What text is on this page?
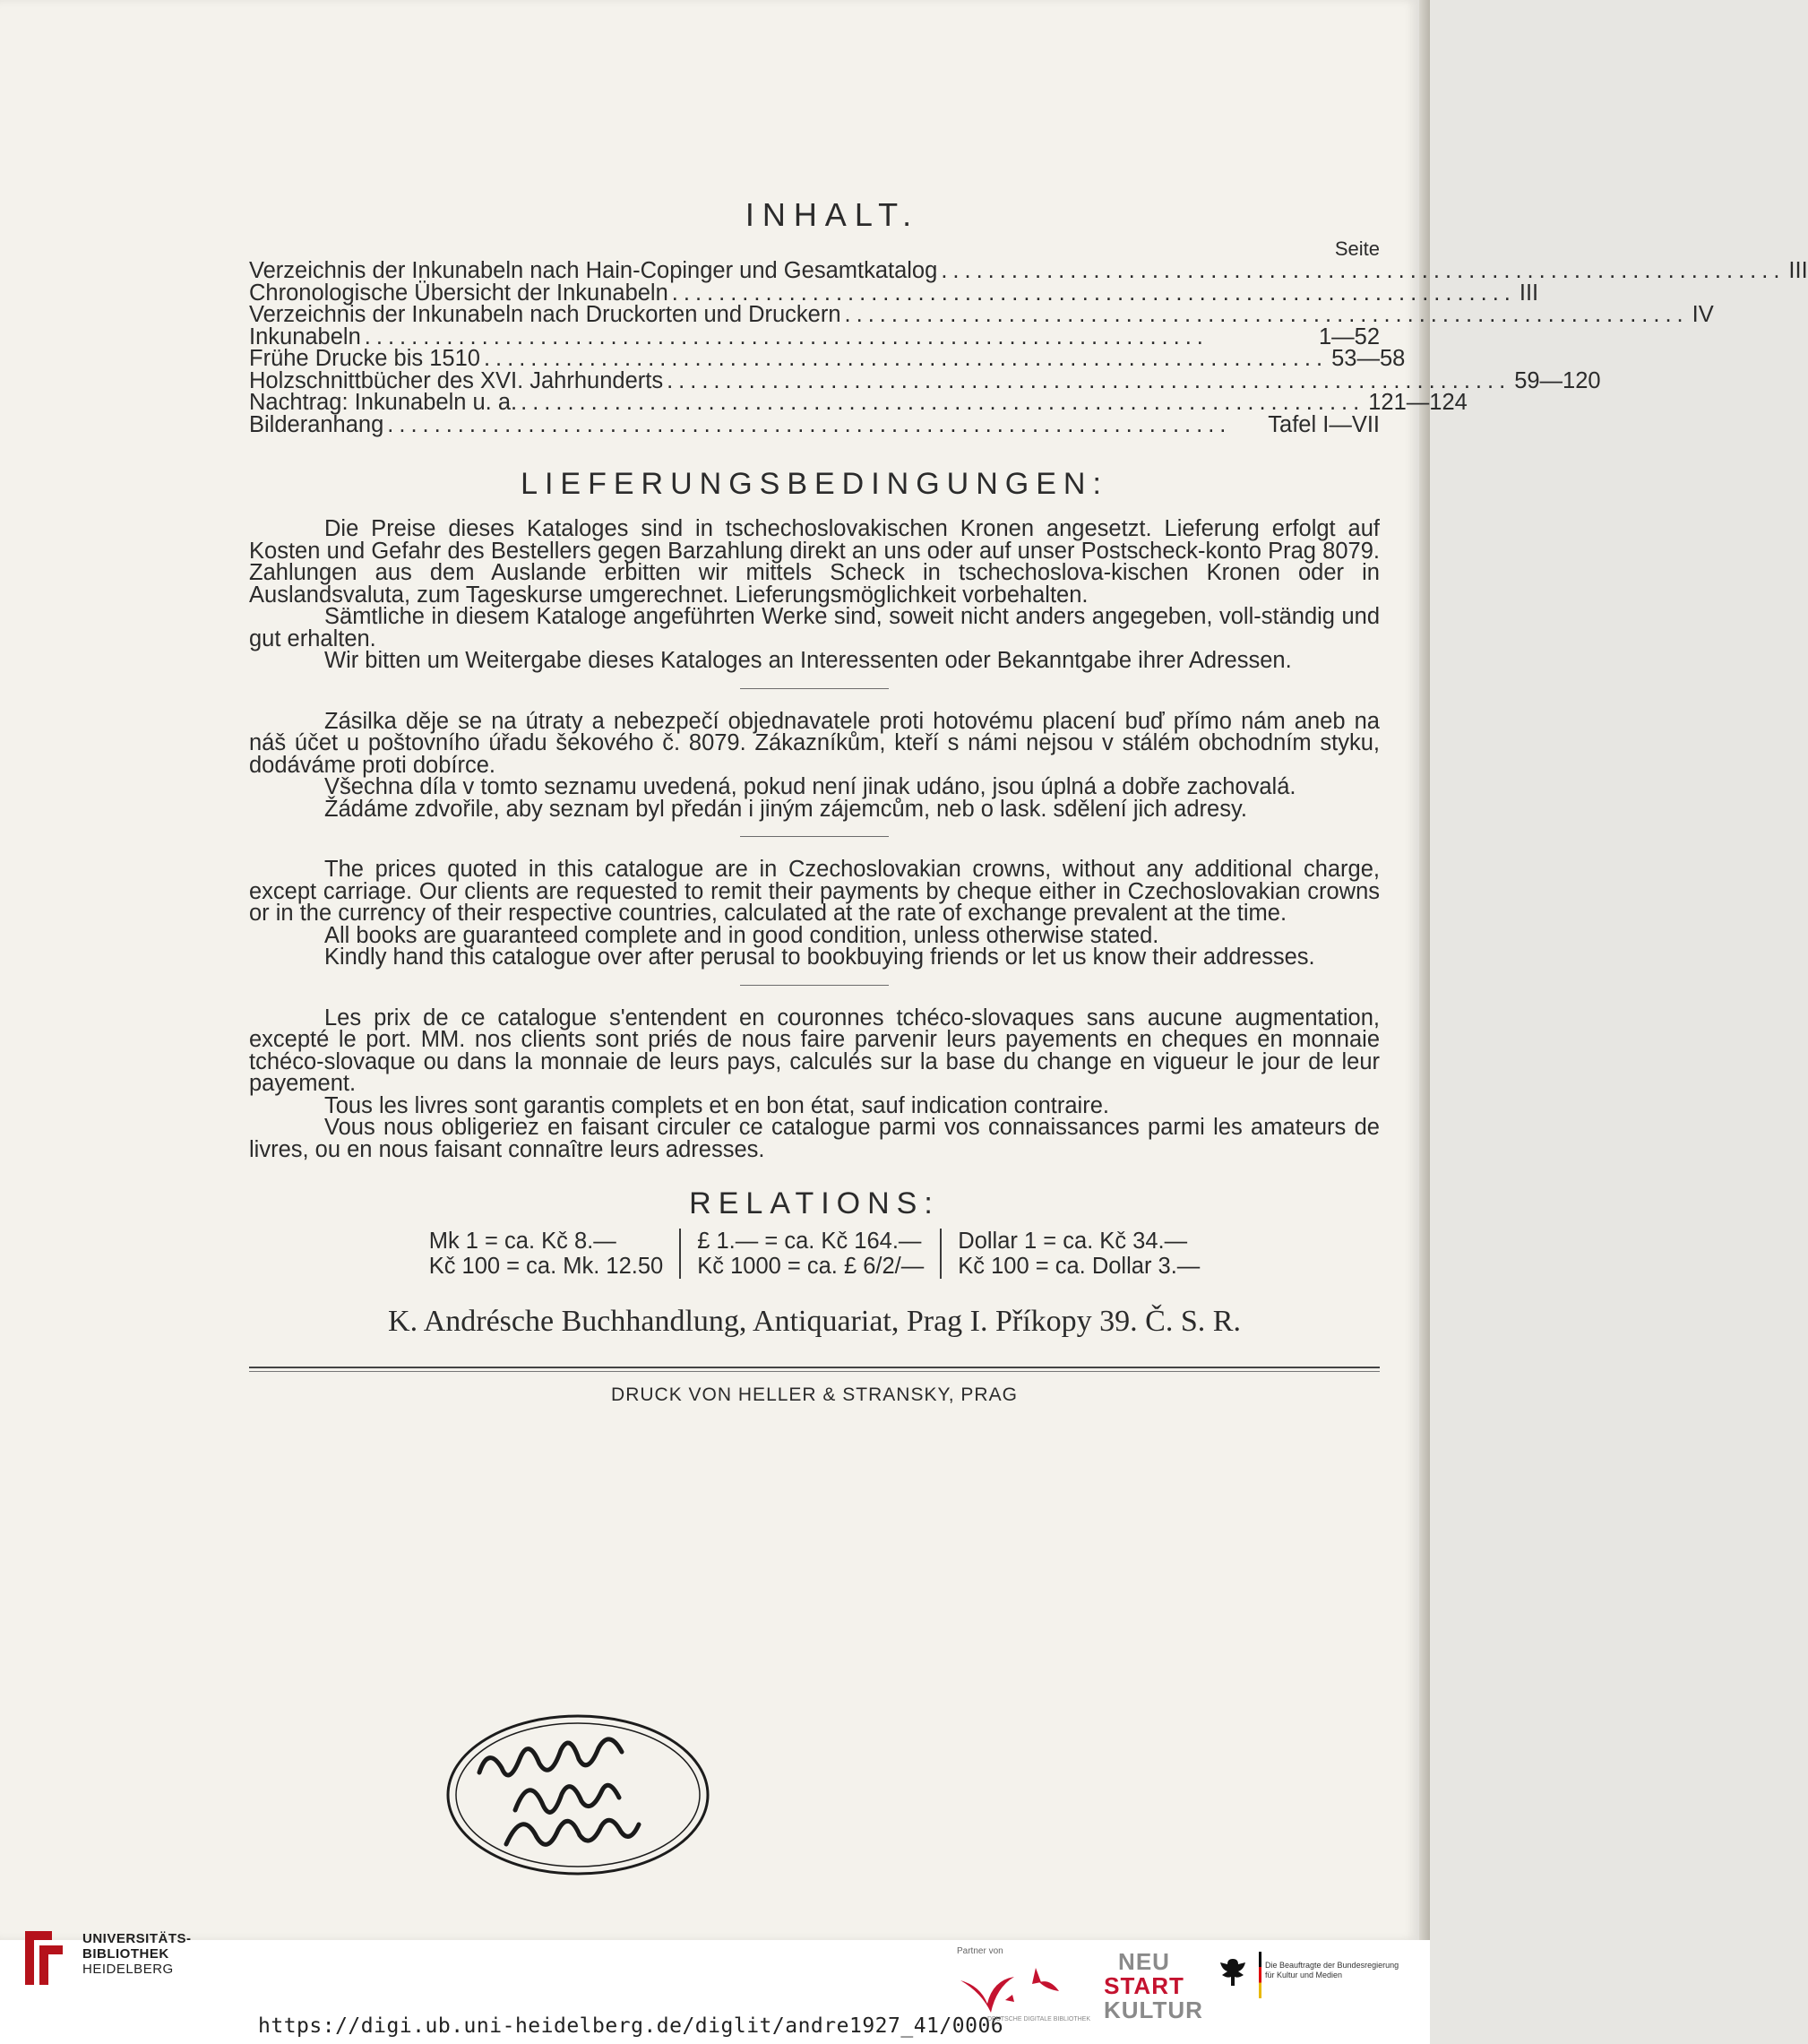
INHALT.
Seite
Verzeichnis der Inkunabeln nach Hain-Copinger und Gesamtkatalog ........................................................................ III
Chronologische Übersicht der Inkunabeln ........................................................................ III
Verzeichnis der Inkunabeln nach Druckorten und Druckern ........................................................................ IV
Inkunabeln ........................................................................	1—52
Frühe Drucke bis 1510 ........................................................................ 53—58
Holzschnittbücher des XVI. Jahrhunderts ........................................................................ 59—120
Nachtrag: Inkunabeln u. a. ........................................................................ 121—124
Bilderanhang ........................................................................	Tafel I—VII
LIEFERUNGSBEDINGUNGEN:

Die Preise dieses Kataloges sind in tschechoslovakischen Kronen angesetzt. Lieferung erfolgt auf Kosten und Gefahr des Bestellers gegen Barzahlung direkt an uns oder auf unser Postscheck-konto Prag 8079. Zahlungen aus dem Auslande erbitten wir mittels Scheck in tschechoslova-kischen Kronen oder in Auslandsvaluta, zum Tageskurse umgerechnet. Lieferungsmöglichkeit vorbehalten.

Sämtliche in diesem Kataloge angeführten Werke sind, soweit nicht anders angegeben, voll-ständig und gut erhalten.

Wir bitten um Weitergabe dieses Kataloges an Interessenten oder Bekanntgabe ihrer Adressen.

Zásilka děje se na útraty a nebezpečí objednavatele proti hotovému placení buď přímo nám aneb na náš účet u poštovního úřadu šekového č. 8079. Zákazníkům, kteří s námi nejsou v stálém obchodním styku, dodáváme proti dobírce.

Všechna díla v tomto seznamu uvedená, pokud není jinak udáno, jsou úplná a dobře zachovalá.

Žádáme zdvořile, aby seznam byl předán i jiným zájemcům, neb o lask. sdělení jich adresy.

The prices quoted in this catalogue are in Czechoslovakian crowns, without any additional charge, except carriage. Our clients are requested to remit their payments by cheque either in Czechoslovakian crowns or in the currency of their respective countries, calculated at the rate of exchange prevalent at the time.

All books are guaranteed complete and in good condition, unless otherwise stated.

Kindly hand this catalogue over after perusal to bookbuying friends or let us know their addresses.

Les prix de ce catalogue s'entendent en couronnes tchéco-slovaques sans aucune augmentation, excepté le port. MM. nos clients sont priés de nous faire parvenir leurs payements en cheques en monnaie tchéco-slovaque ou dans la monnaie de leurs pays, calculés sur la base du change en vigueur le jour de leur payement.

Tous les livres sont garantis complets et en bon état, sauf indication contraire.

Vous nous obligeriez en faisant circuler ce catalogue parmi vos connaissances parmi les amateurs de livres, ou en nous faisant connaître leurs adresses.

RELATIONS:
Mk 1 = ca. Kč 8.—
Kč 100 = ca. Mk. 12.50
£ 1.— = ca. Kč 164.—
Kč 1000 = ca. £ 6/2/—
Dollar 1 = ca. Kč 34.—
Kč 100 = ca. Dollar 3.—
K. Andrésche Buchhandlung, Antiquariat, Prag I. Příkopy 39. Č. S. R.
DRUCK VON HELLER & STRANSKY, PRAG
UNIVERSITÄTS-
BIBLIOTHEK
HEIDELBERG
https://digi.ub.uni-heidelberg.de/diglit/andre1927_41/0006
Partner von
DEUTSCHE DIGITALE BIBLIOTHEK
NEU
START
KULTUR
Die Beauftragte der Bundesregierung für Kultur und Medien
